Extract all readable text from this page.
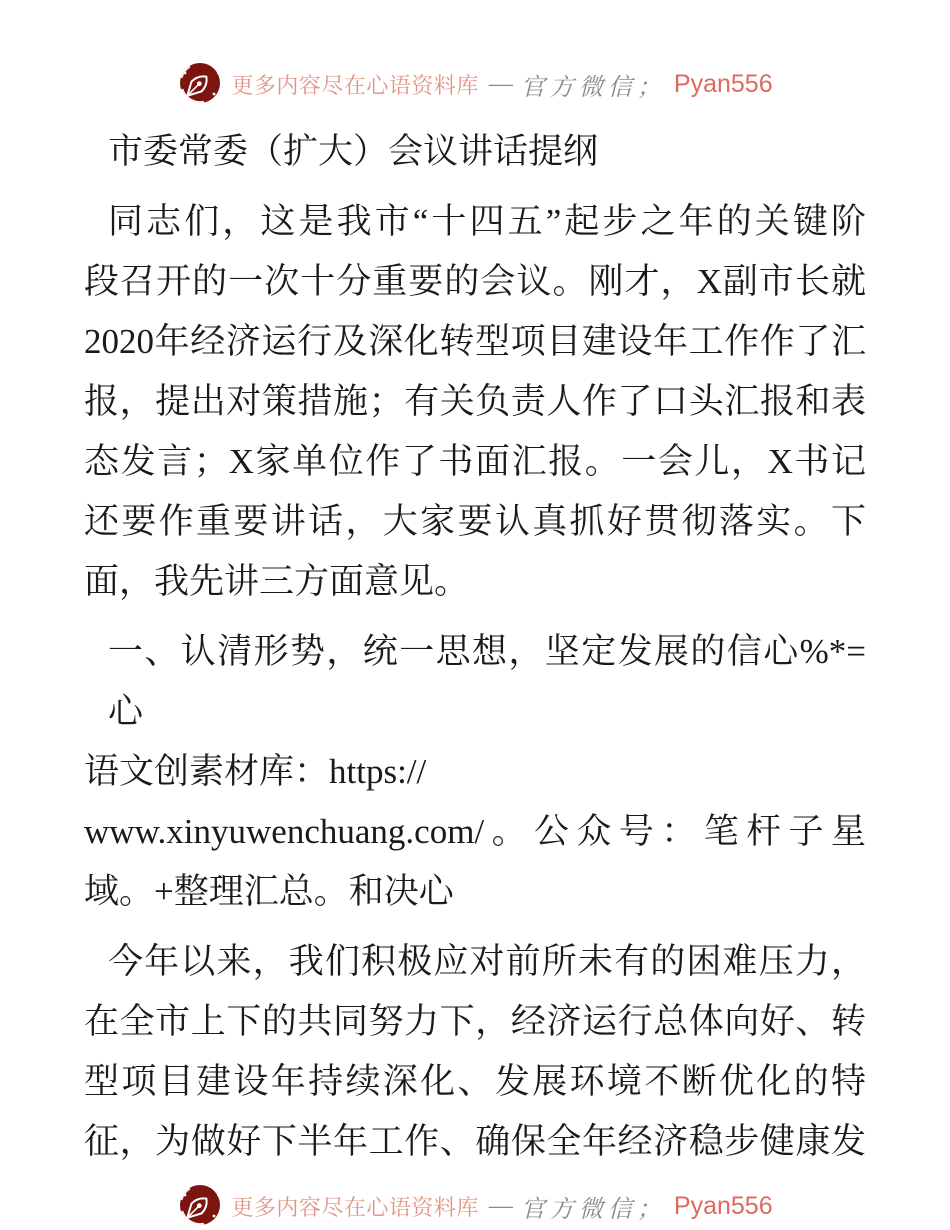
更多内容尽在心语资料库 — 官方微信； Pyan556
市委常委（扩大）会议讲话提纲
同志们，这是我市“十四五”起步之年的关键阶
段召开的一次十分重要的会议。刚才，X副市长就
2020年经济运行及深化转型项目建设年工作作了汇
报，提出对策措施；有关负责人作了口头汇报和表
态发言；X家单位作了书面汇报。一会儿，X书记
还要作重要讲话，大家要认真抓好贯彻落实。下
面，我先讲三方面意见。
一、认清形势，统一思想，坚定发展的信心%*=心
语文创素材库：https://
www.xinyuwenchuang.com/。公众号：笔杆子星
域。+整理汇总。和决心
今年以来，我们积极应对前所未有的困难压力，
在全市上下的共同努力下，经济运行总体向好、转
型项目建设年持续深化、发展环境不断优化的特
征，为做好下半年工作、确保全年经济稳步健康发
更多内容尽在心语资料库 — 官方微信； Pyan556
